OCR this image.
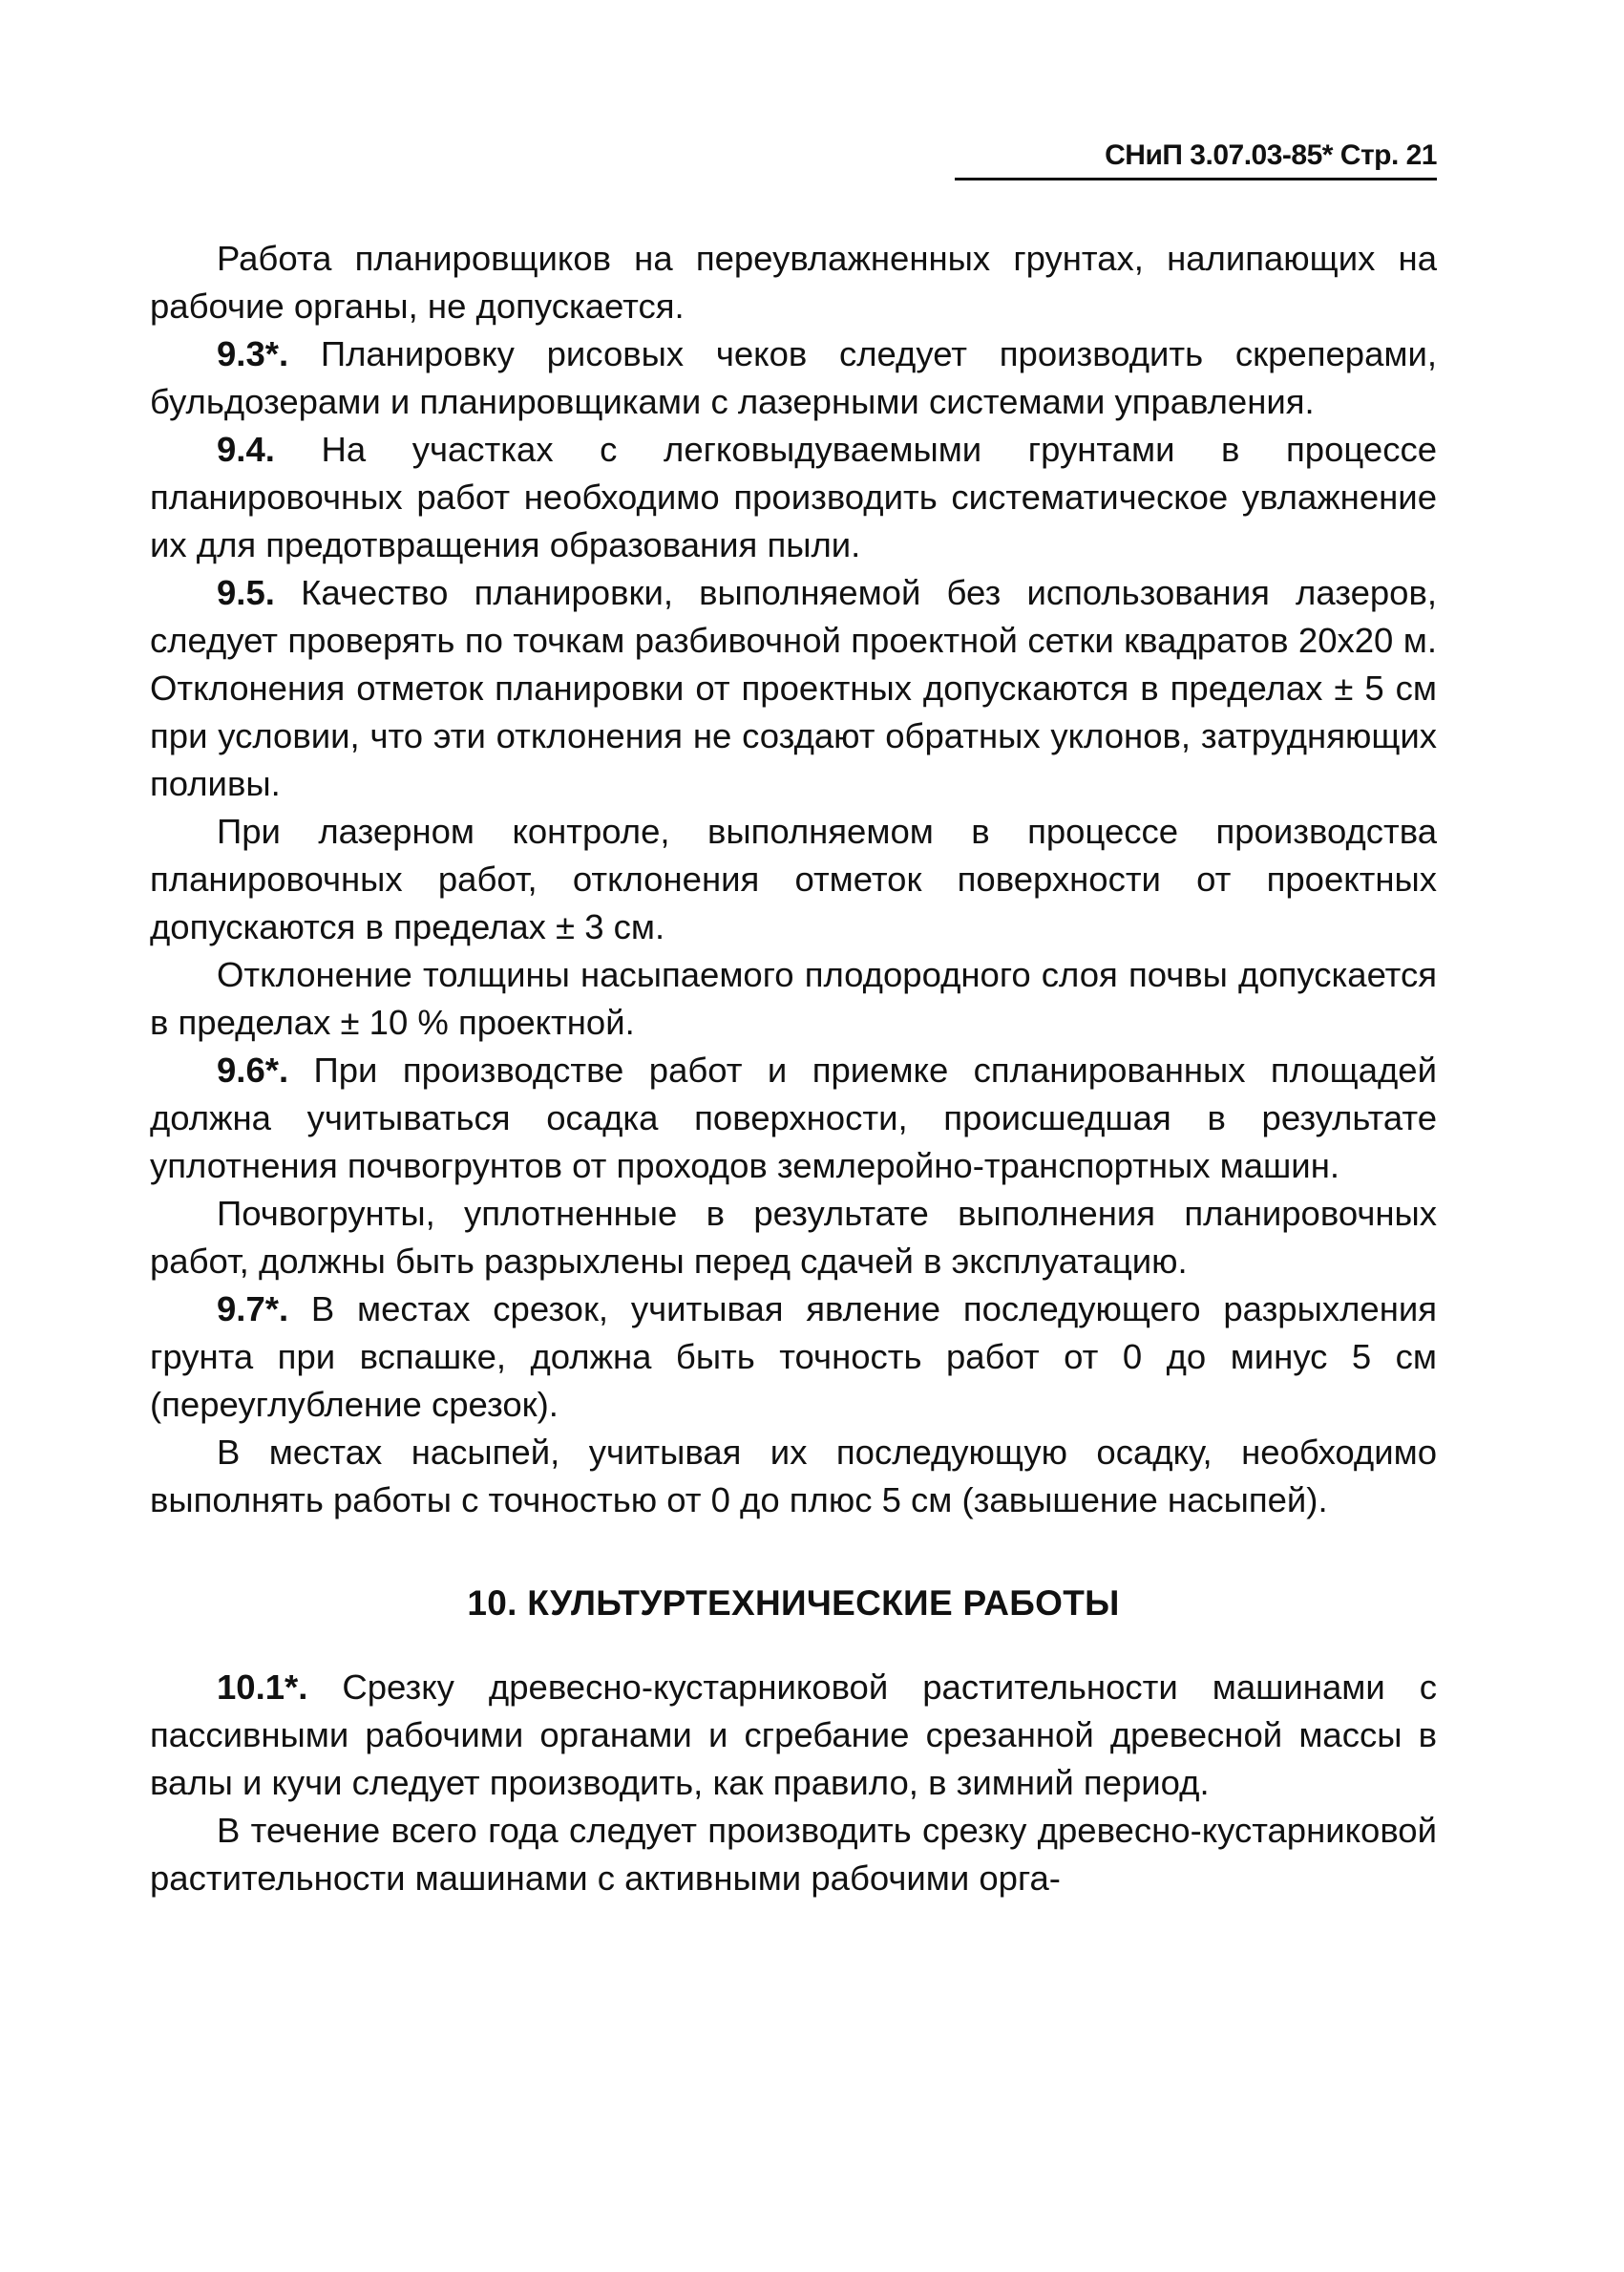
СНиП 3.07.03-85* Стр. 21

Работа планировщиков на переувлажненных грунтах, налипающих на рабочие органы, не допускается.

9.3*. Планировку рисовых чеков следует производить скреперами, бульдозерами и планировщиками с лазерными системами управления.

9.4. На участках с легковыдуваемыми грунтами в процессе планировочных работ необходимо производить систематическое увлажнение их для предотвращения образования пыли.

9.5. Качество планировки, выполняемой без использования лазеров, следует проверять по точкам разбивочной проектной сетки квадратов 20х20 м. Отклонения отметок планировки от проектных допускаются в пределах ± 5 см при условии, что эти отклонения не создают обратных уклонов, затрудняющих поливы.

При лазерном контроле, выполняемом в процессе производства планировочных работ, отклонения отметок поверхности от проектных допускаются в пределах ± 3 см.

Отклонение толщины насыпаемого плодородного слоя почвы допускается в пределах ± 10 % проектной.

9.6*. При производстве работ и приемке спланированных площадей должна учитываться осадка поверхности, происшедшая в результате уплотнения почвогрунтов от проходов землеройно-транспортных машин.

Почвогрунты, уплотненные в результате выполнения планировочных работ, должны быть разрыхлены перед сдачей в эксплуатацию.

9.7*. В местах срезок, учитывая явление последующего разрыхления грунта при вспашке, должна быть точность работ от 0 до минус 5 см (переуглубление срезок).

В местах насыпей, учитывая их последующую осадку, необходимо выполнять работы с точностью от 0 до плюс 5 см (завышение насыпей).

10. КУЛЬТУРТЕХНИЧЕСКИЕ РАБОТЫ

10.1*. Срезку древесно-кустарниковой растительности машинами с пассивными рабочими органами и сгребание срезанной древесной массы в валы и кучи следует производить, как правило, в зимний период.

В течение всего года следует производить срезку древесно-кустарниковой растительности машинами с активными рабочими орга-
